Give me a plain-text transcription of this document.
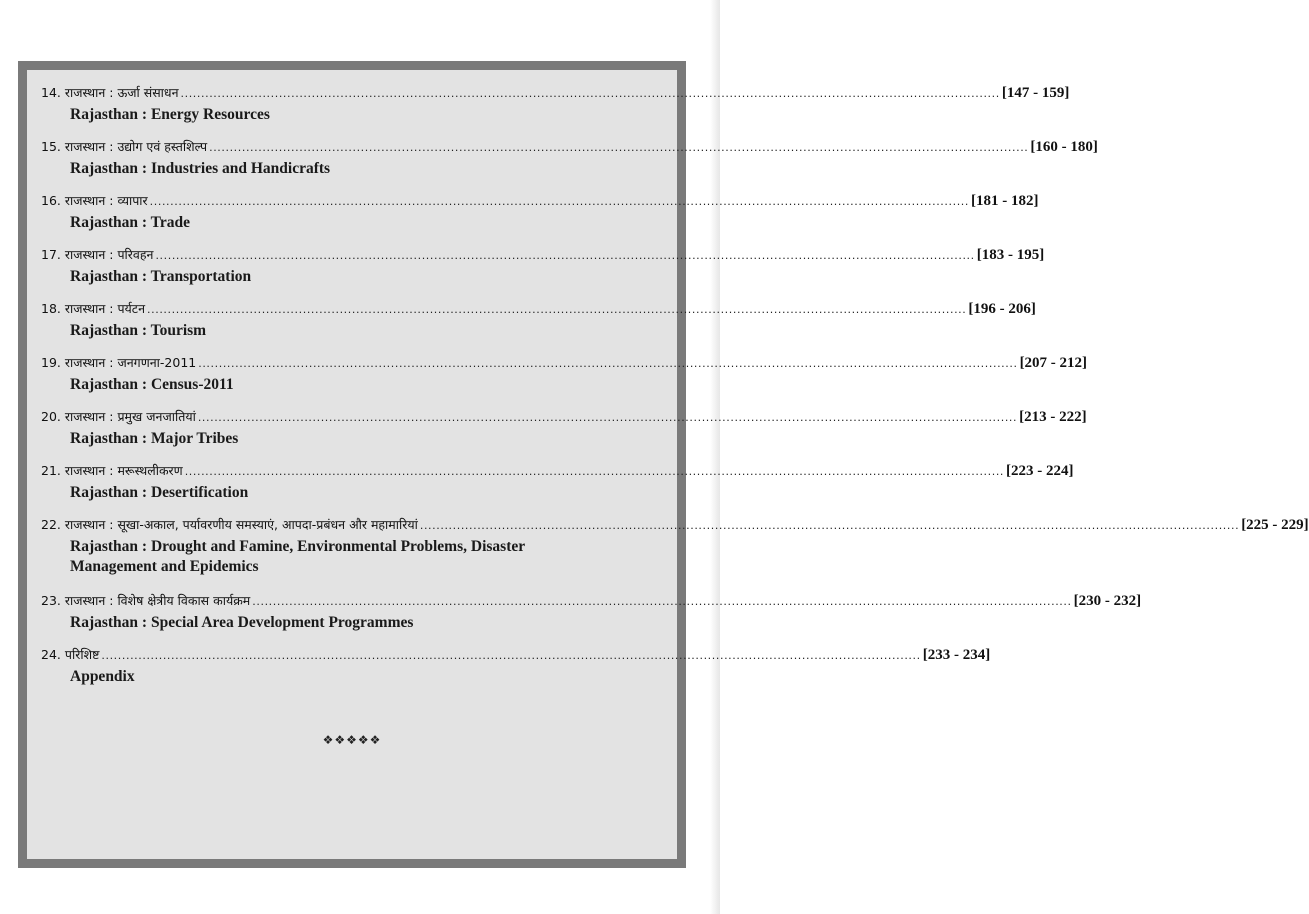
14. राजस्थान : ऊर्जा संसाधन ........................................................................................................................................................................................................ [147 - 159]
Rajasthan : Energy Resources
15. राजस्थान : उद्योग एवं हस्तशिल्प ........................................................................................................................................................................................................ [160 - 180]
Rajasthan : Industries and Handicrafts
16. राजस्थान : व्यापार ........................................................................................................................................................................................................ [181 - 182]
Rajasthan : Trade
17. राजस्थान : परिवहन ........................................................................................................................................................................................................ [183 - 195]
Rajasthan : Transportation
18. राजस्थान : पर्यटन ........................................................................................................................................................................................................ [196 - 206]
Rajasthan : Tourism
19. राजस्थान : जनगणना-2011 ........................................................................................................................................................................................................ [207 - 212]
Rajasthan : Census-2011
20. राजस्थान : प्रमुख जनजातियां ........................................................................................................................................................................................................ [213 - 222]
Rajasthan : Major Tribes
21. राजस्थान : मरूस्थलीकरण ........................................................................................................................................................................................................ [223 - 224]
Rajasthan : Desertification
22. राजस्थान : सूखा-अकाल, पर्यावरणीय समस्याएं, आपदा-प्रबंधन और महामारियां ........................................................................................................................................................................................................ [225 - 229]
Rajasthan : Drought and Famine, Environmental Problems, Disaster Management and Epidemics
23. राजस्थान : विशेष क्षेत्रीय विकास कार्यक्रम ........................................................................................................................................................................................................ [230 - 232]
Rajasthan : Special Area Development Programmes
24. परिशिष्ट ........................................................................................................................................................................................................ [233 - 234]
Appendix
❖❖❖❖❖
